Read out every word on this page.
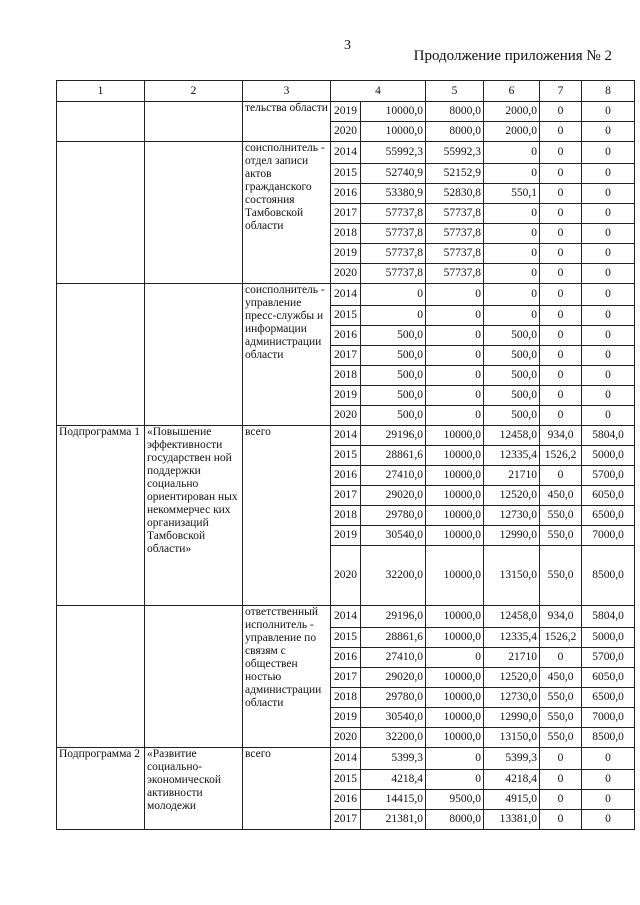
3
Продолжение приложения № 2
1	2	3	4		5	6	7	8
		тельства области	2019	10000,0	8000,0	2000,0	0	0
			2020	10000,0	8000,0	2000,0	0	0
		соисполнитель - отдел записи актов гражданского состояния Тамбовской области	2014	55992,3	55992,3	0	0	0
			2015	52740,9	52152,9	0	0	0
			2016	53380,9	52830,8	550,1	0	0
			2017	57737,8	57737,8	0	0	0
			2018	57737,8	57737,8	0	0	0
			2019	57737,8	57737,8	0	0	0
			2020	57737,8	57737,8	0	0	0
		соисполнитель - управление пресс-службы и информации администрации области	2014	0	0	0	0	0
			2015	0	0	0	0	0
			2016	500,0	0	500,0	0	0
			2017	500,0	0	500,0	0	0
			2018	500,0	0	500,0	0	0
			2019	500,0	0	500,0	0	0
			2020	500,0	0	500,0	0	0
Подпрограмма 1	«Повышение эффективности государствен ной поддержки социально ориентирован ных некоммерчес ких организаций Тамбовской области»	всего	2014	29196,0	10000,0	12458,0	934,0	5804,0
			2015	28861,6	10000,0	12335,4	1526,2	5000,0
			2016	27410,0	10000,0	21710	0	5700,0
			2017	29020,0	10000,0	12520,0	450,0	6050,0
			2018	29780,0	10000,0	12730,0	550,0	6500,0
			2019	30540,0	10000,0	12990,0	550,0	7000,0
			2020	32200,0	10000,0	13150,0	550,0	8500,0
		ответственный исполнитель - управление по связям с обществен ностью администрации области	2014	29196,0	10000,0	12458,0	934,0	5804,0
			2015	28861,6	10000,0	12335,4	1526,2	5000,0
			2016	27410,0	0	21710	0	5700,0
			2017	29020,0	10000,0	12520,0	450,0	6050,0
			2018	29780,0	10000,0	12730,0	550,0	6500,0
			2019	30540,0	10000,0	12990,0	550,0	7000,0
			2020	32200,0	10000,0	13150,0	550,0	8500,0
Подпрограмма 2	«Развитие социально-экономической активности молодежи	всего	2014	5399,3	0	5399,3	0	0
			2015	4218,4	0	4218,4	0	0
			2016	14415,0	9500,0	4915,0	0	0
			2017	21381,0	8000,0	13381,0	0	0
